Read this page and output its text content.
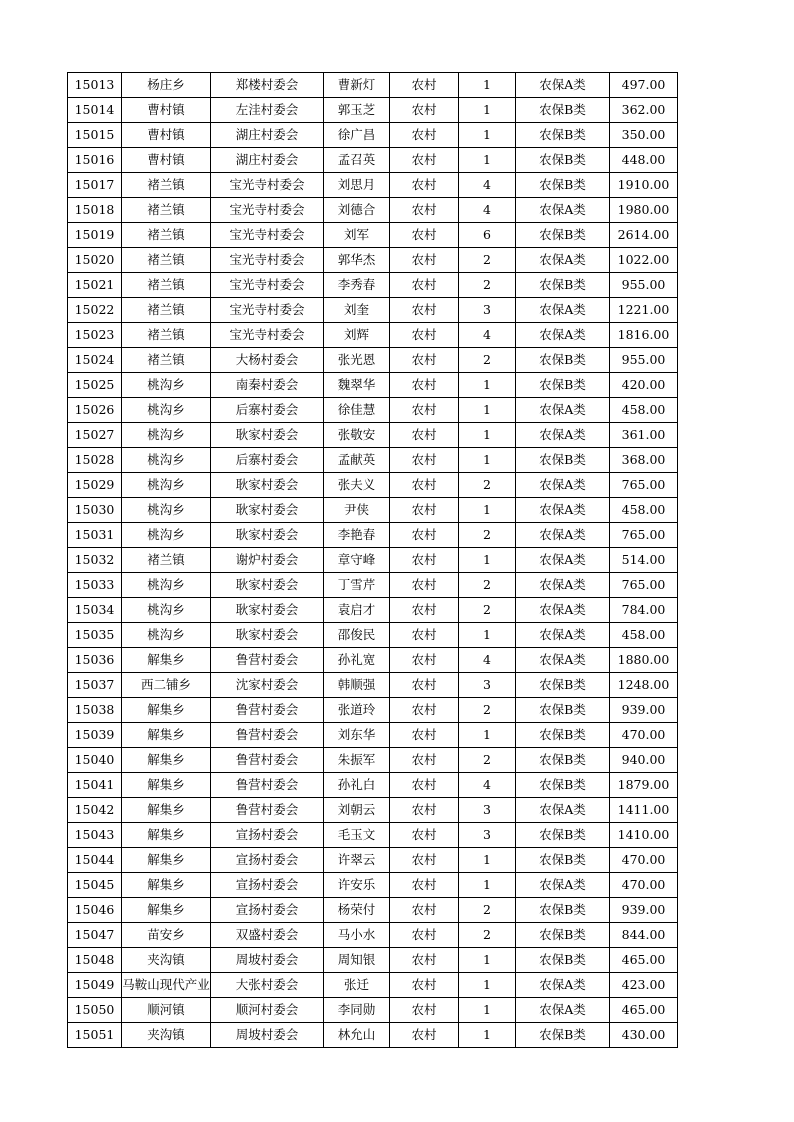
15013	杨庄乡	郑楼村委会	曹新灯	农村	1	农保A类	497.00
15014	曹村镇	左洼村委会	郭玉芝	农村	1	农保B类	362.00
15015	曹村镇	湖庄村委会	徐广昌	农村	1	农保B类	350.00
15016	曹村镇	湖庄村委会	孟召英	农村	1	农保B类	448.00
15017	褚兰镇	宝光寺村委会	刘思月	农村	4	农保B类	1910.00
15018	褚兰镇	宝光寺村委会	刘德合	农村	4	农保A类	1980.00
15019	褚兰镇	宝光寺村委会	刘军	农村	6	农保B类	2614.00
15020	褚兰镇	宝光寺村委会	郭华杰	农村	2	农保A类	1022.00
15021	褚兰镇	宝光寺村委会	李秀春	农村	2	农保B类	955.00
15022	褚兰镇	宝光寺村委会	刘奎	农村	3	农保A类	1221.00
15023	褚兰镇	宝光寺村委会	刘辉	农村	4	农保A类	1816.00
15024	褚兰镇	大杨村委会	张光恩	农村	2	农保B类	955.00
15025	桃沟乡	南秦村委会	魏翠华	农村	1	农保B类	420.00
15026	桃沟乡	后寨村委会	徐佳慧	农村	1	农保A类	458.00
15027	桃沟乡	耿家村委会	张敬安	农村	1	农保A类	361.00
15028	桃沟乡	后寨村委会	孟献英	农村	1	农保B类	368.00
15029	桃沟乡	耿家村委会	张夫义	农村	2	农保A类	765.00
15030	桃沟乡	耿家村委会	尹侠	农村	1	农保A类	458.00
15031	桃沟乡	耿家村委会	李艳春	农村	2	农保A类	765.00
15032	褚兰镇	谢炉村委会	章守峰	农村	1	农保A类	514.00
15033	桃沟乡	耿家村委会	丁雪芹	农村	2	农保A类	765.00
15034	桃沟乡	耿家村委会	袁启才	农村	2	农保A类	784.00
15035	桃沟乡	耿家村委会	邵俊民	农村	1	农保A类	458.00
15036	解集乡	鲁营村委会	孙礼宽	农村	4	农保A类	1880.00
15037	西二铺乡	沈家村委会	韩顺强	农村	3	农保B类	1248.00
15038	解集乡	鲁营村委会	张道玲	农村	2	农保B类	939.00
15039	解集乡	鲁营村委会	刘东华	农村	1	农保B类	470.00
15040	解集乡	鲁营村委会	朱振军	农村	2	农保B类	940.00
15041	解集乡	鲁营村委会	孙礼白	农村	4	农保B类	1879.00
15042	解集乡	鲁营村委会	刘朝云	农村	3	农保A类	1411.00
15043	解集乡	宣扬村委会	毛玉文	农村	3	农保B类	1410.00
15044	解集乡	宣扬村委会	许翠云	农村	1	农保B类	470.00
15045	解集乡	宣扬村委会	许安乐	农村	1	农保A类	470.00
15046	解集乡	宣扬村委会	杨荣付	农村	2	农保B类	939.00
15047	苗安乡	双盛村委会	马小水	农村	2	农保B类	844.00
15048	夹沟镇	周坡村委会	周知银	农村	1	农保B类	465.00
15049	马鞍山现代产业	大张村委会	张迁	农村	1	农保A类	423.00
15050	顺河镇	顺河村委会	李同勋	农村	1	农保A类	465.00
15051	夹沟镇	周坡村委会	林允山	农村	1	农保B类	430.00
